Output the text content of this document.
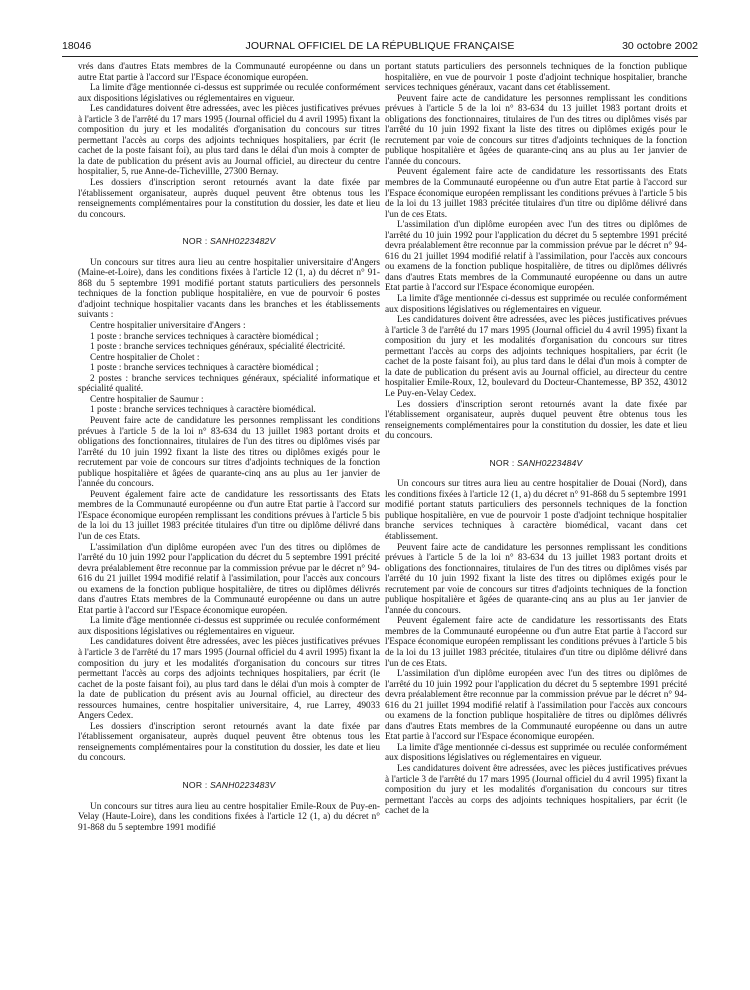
18046	JOURNAL OFFICIEL DE LA RÉPUBLIQUE FRANÇAISE	30 octobre 2002

vrés dans d'autres Etats membres de la Communauté européenne ou dans un autre Etat partie à l'accord sur l'Espace économique européen.

La limite d'âge mentionnée ci-dessus est supprimée ou reculée conformément aux dispositions législatives ou réglementaires en vigueur.

Les candidatures doivent être adressées, avec les pièces justificatives prévues à l'article 3 de l'arrêté du 17 mars 1995 (Journal officiel du 4 avril 1995) fixant la composition du jury et les modalités d'organisation du concours sur titres permettant l'accès au corps des adjoints techniques hospitaliers, par écrit (le cachet de la poste faisant foi), au plus tard dans le délai d'un mois à compter de la date de publication du présent avis au Journal officiel, au directeur du centre hospitalier, 5, rue Anne-de-Tichevillle, 27300 Bernay.

Les dossiers d'inscription seront retournés avant la date fixée par l'établissement organisateur, auprès duquel peuvent être obtenus tous les renseignements complémentaires pour la constitution du dossier, les date et lieu du concours.

NOR : SANH0223482V

Un concours sur titres aura lieu au centre hospitalier universitaire d'Angers (Maine-et-Loire), dans les conditions fixées à l'article 12 (1, a) du décret n° 91-868 du 5 septembre 1991 modifié portant statuts particuliers des personnels techniques de la fonction publique hospitalière, en vue de pourvoir 6 postes d'adjoint technique hospitalier vacants dans les branches et les établissements suivants :

Centre hospitalier universitaire d'Angers :

1 poste : branche services techniques à caractère biomédical ;

1 poste : branche services techniques généraux, spécialité électricité.

Centre hospitalier de Cholet :

1 poste : branche services techniques à caractère biomédical ;

2 postes : branche services techniques généraux, spécialité informatique et spécialité qualité.

Centre hospitalier de Saumur :

1 poste : branche services techniques à caractère biomédical.

Peuvent faire acte de candidature les personnes remplissant les conditions prévues à l'article 5 de la loi n° 83-634 du 13 juillet 1983 portant droits et obligations des fonctionnaires, titulaires de l'un des titres ou diplômes visés par l'arrêté du 10 juin 1992 fixant la liste des titres ou diplômes exigés pour le recrutement par voie de concours sur titres d'adjoints techniques de la fonction publique hospitalière et âgées de quarante-cinq ans au plus au 1er janvier de l'année du concours.

Peuvent également faire acte de candidature les ressortissants des Etats membres de la Communauté européenne ou d'un autre Etat partie à l'accord sur l'Espace économique européen remplissant les conditions prévues à l'article 5 bis de la loi du 13 juillet 1983 précitée titulaires d'un titre ou diplôme délivré dans l'un de ces Etats.

L'assimilation d'un diplôme européen avec l'un des titres ou diplômes de l'arrêté du 10 juin 1992 pour l'application du décret du 5 septembre 1991 précité devra préalablement être reconnue par la commission prévue par le décret n° 94-616 du 21 juillet 1994 modifié relatif à l'assimilation, pour l'accès aux concours ou examens de la fonction publique hospitalière, de titres ou diplômes délivrés dans d'autres Etats membres de la Communauté européenne ou dans un autre Etat partie à l'accord sur l'Espace économique européen.

La limite d'âge mentionnée ci-dessus est supprimée ou reculée conformément aux dispositions législatives ou réglementaires en vigueur.

Les candidatures doivent être adressées, avec les pièces justificatives prévues à l'article 3 de l'arrêté du 17 mars 1995 (Journal officiel du 4 avril 1995) fixant la composition du jury et les modalités d'organisation du concours sur titres permettant l'accès au corps des adjoints techniques hospitaliers, par écrit (le cachet de la poste faisant foi), au plus tard dans le délai d'un mois à compter de la date de publication du présent avis au Journal officiel, au directeur des ressources humaines, centre hospitalier universitaire, 4, rue Larrey, 49033 Angers Cedex.

Les dossiers d'inscription seront retournés avant la date fixée par l'établissement organisateur, auprès duquel peuvent être obtenus tous les renseignements complémentaires pour la constitution du dossier, les date et lieu du concours.

NOR : SANH0223483V

Un concours sur titres aura lieu au centre hospitalier Emile-Roux de Puy-en-Velay (Haute-Loire), dans les conditions fixées à l'article 12 (1, a) du décret n° 91-868 du 5 septembre 1991 modifié

portant statuts particuliers des personnels techniques de la fonction publique hospitalière, en vue de pourvoir 1 poste d'adjoint technique hospitalier, branche services techniques généraux, vacant dans cet établissement.

Peuvent faire acte de candidature les personnes remplissant les conditions prévues à l'article 5 de la loi n° 83-634 du 13 juillet 1983 portant droits et obligations des fonctionnaires, titulaires de l'un des titres ou diplômes visés par l'arrêté du 10 juin 1992 fixant la liste des titres ou diplômes exigés pour le recrutement par voie de concours sur titres d'adjoints techniques de la fonction publique hospitalière et âgées de quarante-cinq ans au plus au 1er janvier de l'année du concours.

Peuvent également faire acte de candidature les ressortissants des Etats membres de la Communauté européenne ou d'un autre Etat partie à l'accord sur l'Espace économique européen remplissant les conditions prévues à l'article 5 bis de la loi du 13 juillet 1983 précitée titulaires d'un titre ou diplôme délivré dans l'un de ces Etats.

L'assimilation d'un diplôme européen avec l'un des titres ou diplômes de l'arrêté du 10 juin 1992 pour l'application du décret du 5 septembre 1991 précité devra préalablement être reconnue par la commission prévue par le décret n° 94-616 du 21 juillet 1994 modifié relatif à l'assimilation, pour l'accès aux concours ou examens de la fonction publique hospitalière, de titres ou diplômes délivrés dans d'autres Etats membres de la Communauté européenne ou dans un autre Etat partie à l'accord sur l'Espace économique européen.

La limite d'âge mentionnée ci-dessus est supprimée ou reculée conformément aux dispositions législatives ou réglementaires en vigueur.

Les candidatures doivent être adressées, avec les pièces justificatives prévues à l'article 3 de l'arrêté du 17 mars 1995 (Journal officiel du 4 avril 1995) fixant la composition du jury et les modalités d'organisation du concours sur titres permettant l'accès au corps des adjoints techniques hospitaliers, par écrit (le cachet de la poste faisant foi), au plus tard dans le délai d'un mois à compter de la date de publication du présent avis au Journal officiel, au directeur du centre hospitalier Emile-Roux, 12, boulevard du Docteur-Chantemesse, BP 352, 43012 Le Puy-en-Velay Cedex.

Les dossiers d'inscription seront retournés avant la date fixée par l'établissement organisateur, auprès duquel peuvent être obtenus tous les renseignements complémentaires pour la constitution du dossier, les date et lieu du concours.

NOR : SANH0223484V

Un concours sur titres aura lieu au centre hospitalier de Douai (Nord), dans les conditions fixées à l'article 12 (1, a) du décret n° 91-868 du 5 septembre 1991 modifié portant statuts particuliers des personnels techniques de la fonction publique hospitalière, en vue de pourvoir 1 poste d'adjoint technique hospitalier branche services techniques à caractère biomédical, vacant dans cet établissement.

Peuvent faire acte de candidature les personnes remplissant les conditions prévues à l'article 5 de la loi n° 83-634 du 13 juillet 1983 portant droits et obligations des fonctionnaires, titulaires de l'un des titres ou diplômes visés par l'arrêté du 10 juin 1992 fixant la liste des titres ou diplômes exigés pour le recrutement par voie de concours sur titres d'adjoints techniques de la fonction publique hospitalière et âgées de quarante-cinq ans au plus au 1er janvier de l'année du concours.

Peuvent également faire acte de candidature les ressortissants des Etats membres de la Communauté européenne ou d'un autre Etat partie à l'accord sur l'Espace économique européen remplissant les conditions prévues à l'article 5 bis de la loi du 13 juillet 1983 précitée, titulaires d'un titre ou diplôme délivré dans l'un de ces Etats.

L'assimilation d'un diplôme européen avec l'un des titres ou diplômes de l'arrêté du 10 juin 1992 pour l'application du décret du 5 septembre 1991 précité devra préalablement être reconnue par la commission prévue par le décret n° 94-616 du 21 juillet 1994 modifié relatif à l'assimilation pour l'accès aux concours ou examens de la fonction publique hospitalière de titres ou diplômes délivrés dans d'autres Etats membres de la Communauté européenne ou dans un autre Etat partie à l'accord sur l'Espace économique européen.

La limite d'âge mentionnée ci-dessus est supprimée ou reculée conformément aux dispositions législatives ou réglementaires en vigueur.

Les candidatures doivent être adressées, avec les pièces justificatives prévues à l'article 3 de l'arrêté du 17 mars 1995 (Journal officiel du 4 avril 1995) fixant la composition du jury et les modalités d'organisation du concours sur titres permettant l'accès au corps des adjoints techniques hospitaliers, par écrit (le cachet de la
